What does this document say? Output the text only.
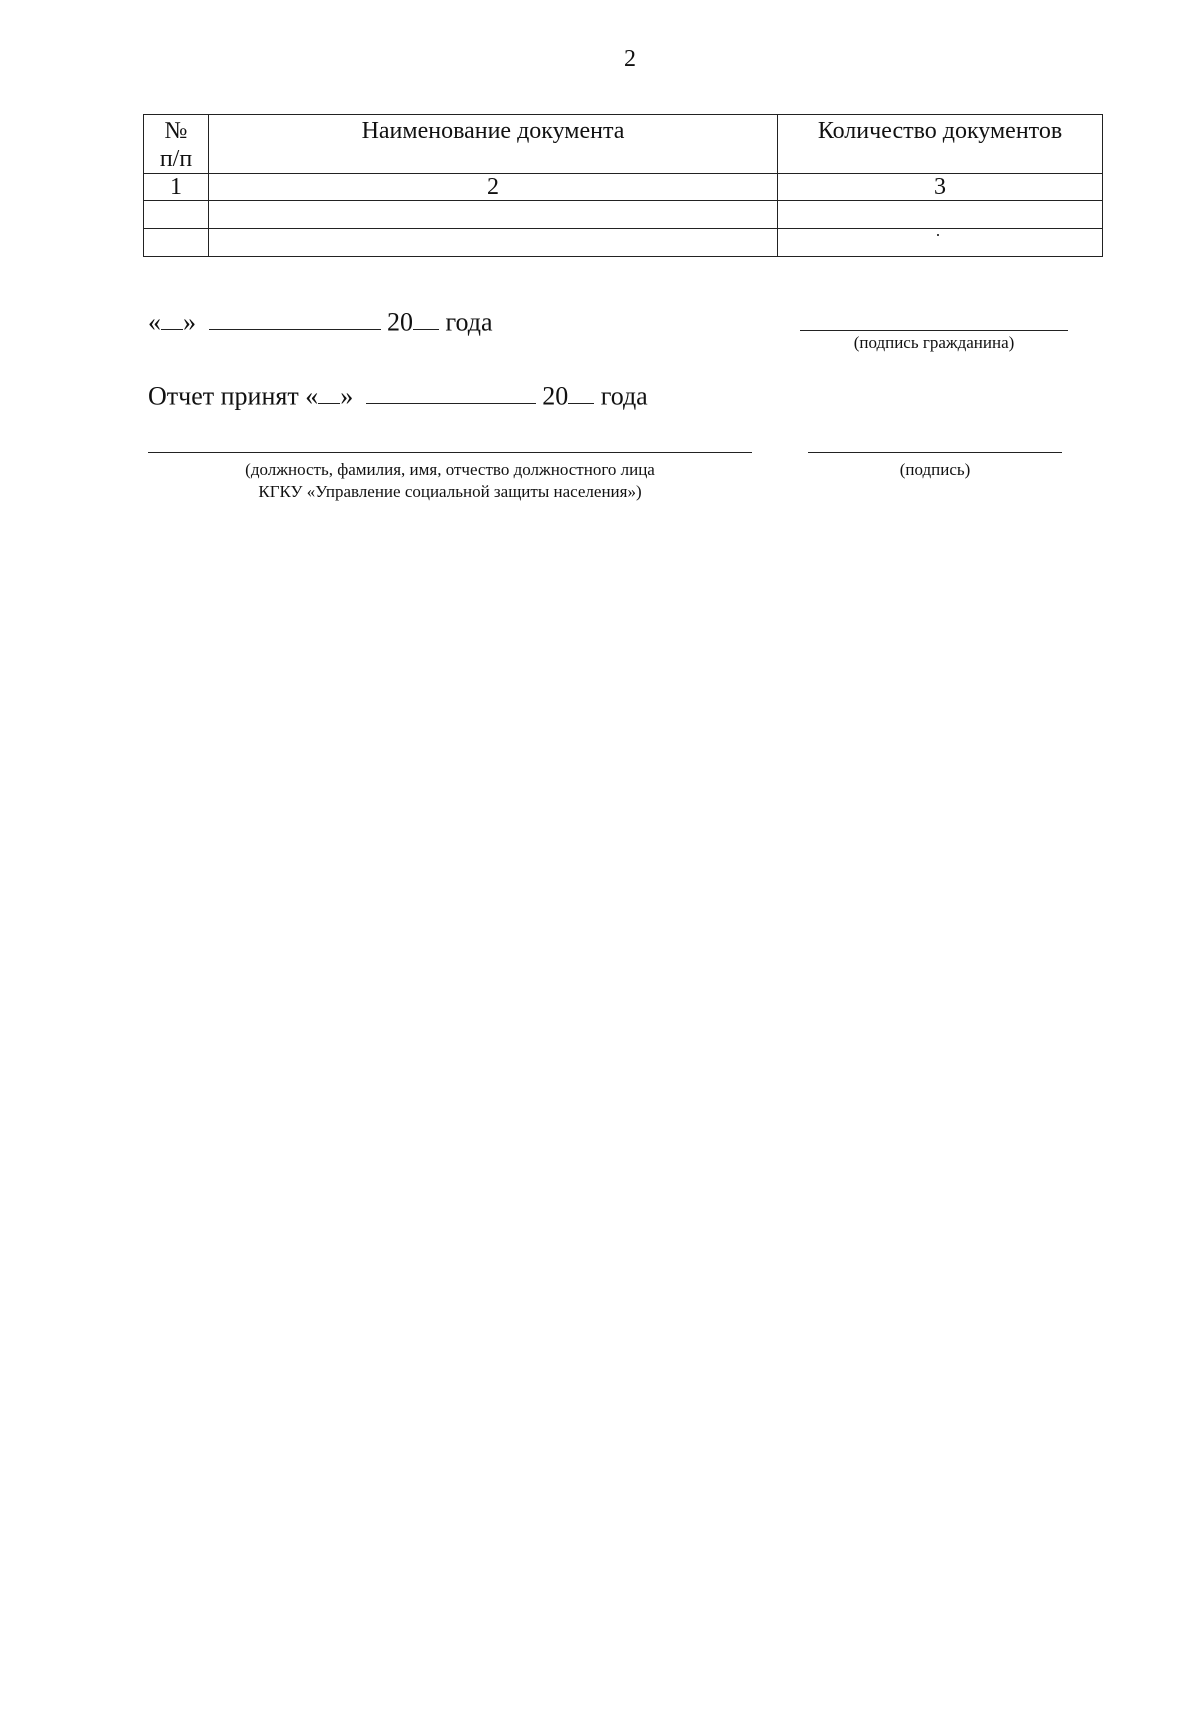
2
№
п/п	Наименование документа	Количество документов
1	2	3

« »	20 года
(подпись гражданина)
Отчет принят « »	20 года
(должность, фамилия, имя, отчество должностного лица
КГКУ «Управление социальной защиты населения»)
(подпись)
